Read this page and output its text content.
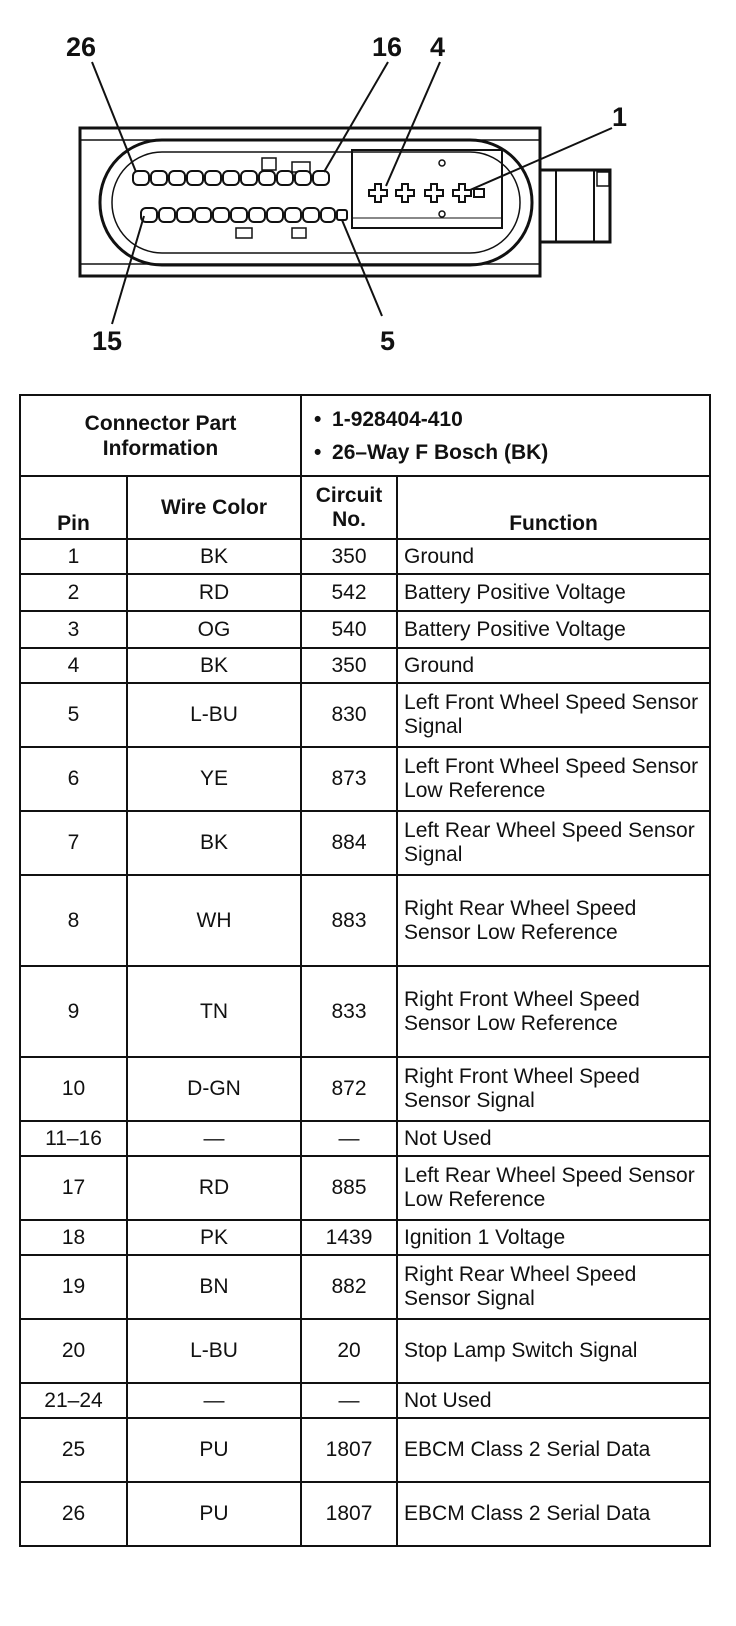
26	16 4
1
15	5
Connector Part Information		• 1-928404-410
• 26–Way F Bosch (BK)	

Pin	Wire Color	Circuit No.	Function
1	BK	350	Ground
2	RD	542	Battery Positive Voltage
3	OG	540	Battery Positive Voltage
4	BK	350	Ground
5	L-BU	830	Left Front Wheel Speed Sensor Signal
6	YE	873	Left Front Wheel Speed Sensor Low Reference
7	BK	884	Left Rear Wheel Speed Sensor Signal
8	WH	883	Right Rear Wheel Speed Sensor Low Reference
9	TN	833	Right Front Wheel Speed Sensor Low Reference
10	D-GN	872	Right Front Wheel Speed Sensor Signal
11–16	—	—	Not Used
17	RD	885	Left Rear Wheel Speed Sensor Low Reference
18	PK	1439	Ignition 1 Voltage
19	BN	882	Right Rear Wheel Speed Sensor Signal
20	L-BU	20	Stop Lamp Switch Signal
21–24	—	—	Not Used
25	PU	1807	EBCM Class 2 Serial Data
26	PU	1807	EBCM Class 2 Serial Data
